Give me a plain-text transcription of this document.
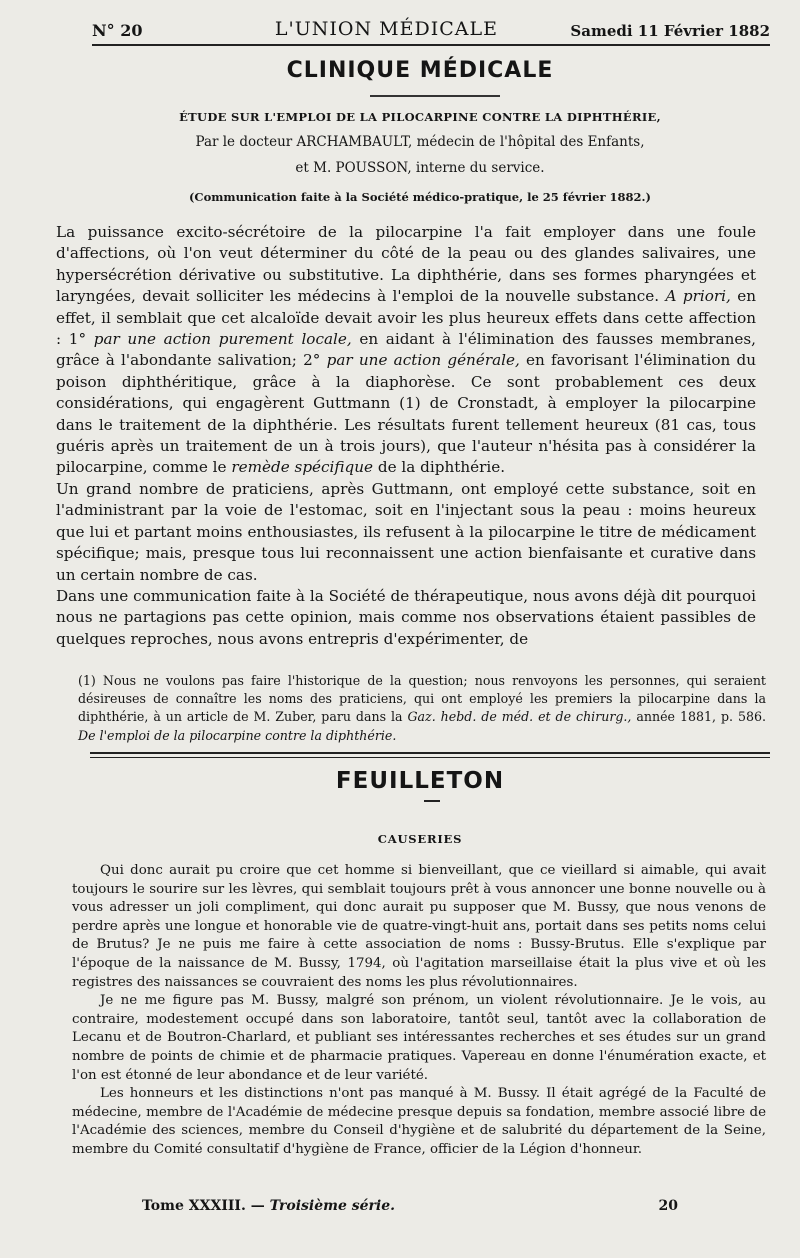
N° 20	L'UNION MÉDICALE	Samedi 11 Février 1882
CLINIQUE MÉDICALE
ÉTUDE SUR L'EMPLOI DE LA PILOCARPINE CONTRE LA DIPHTHÉRIE,
Par le docteur ARCHAMBAULT, médecin de l'hôpital des Enfants,
et M. POUSSON, interne du service.
(Communication faite à la Société médico-pratique, le 25 février 1882.)

La puissance excito-sécrétoire de la pilocarpine l'a fait employer dans une foule d'affections, où l'on veut déterminer du côté de la peau ou des glandes salivaires, une hypersécrétion dérivative ou substitutive. La diphthérie, dans ses formes pharyngées et laryngées, devait solliciter les médecins à l'emploi de la nouvelle substance. A priori, en effet, il semblait que cet alcaloïde devait avoir les plus heureux effets dans cette affection : 1° par une action purement locale, en aidant à l'élimination des fausses membranes, grâce à l'abondante salivation; 2° par une action générale, en favorisant l'élimination du poison diphthéritique, grâce à la diaphorèse. Ce sont probablement ces deux considérations, qui engagèrent Guttmann (1) de Cronstadt, à employer la pilocarpine dans le traitement de la diphthérie. Les résultats furent tellement heureux (81 cas, tous guéris après un traitement de un à trois jours), que l'auteur n'hésita pas à considérer la pilocarpine, comme le remède spécifique de la diphthérie.

Un grand nombre de praticiens, après Guttmann, ont employé cette substance, soit en l'administrant par la voie de l'estomac, soit en l'injectant sous la peau : moins heureux que lui et partant moins enthousiastes, ils refusent à la pilocarpine le titre de médicament spécifique; mais, presque tous lui reconnaissent une action bienfaisante et curative dans un certain nombre de cas.

Dans une communication faite à la Société de thérapeutique, nous avons déjà dit pourquoi nous ne partagions pas cette opinion, mais comme nos observations étaient passibles de quelques reproches, nous avons entrepris d'expérimenter, de

(1) Nous ne voulons pas faire l'historique de la question; nous renvoyons les personnes, qui seraient désireuses de connaître les noms des praticiens, qui ont employé les premiers la pilocarpine dans la diphthérie, à un article de M. Zuber, paru dans la Gaz. hebd. de méd. et de chirurg., année 1881, p. 586. De l'emploi de la pilocarpine contre la diphthérie.
FEUILLETON
CAUSERIES

Qui donc aurait pu croire que cet homme si bienveillant, que ce vieillard si aimable, qui avait toujours le sourire sur les lèvres, qui semblait toujours prêt à vous annoncer une bonne nouvelle ou à vous adresser un joli compliment, qui donc aurait pu supposer que M. Bussy, que nous venons de perdre après une longue et honorable vie de quatre-vingt-huit ans, portait dans ses petits noms celui de Brutus? Je ne puis me faire à cette association de noms : Bussy-Brutus. Elle s'explique par l'époque de la naissance de M. Bussy, 1794, où l'agitation marseillaise était la plus vive et où les registres des naissances se couvraient des noms les plus révolutionnaires.

Je ne me figure pas M. Bussy, malgré son prénom, un violent révolutionnaire. Je le vois, au contraire, modestement occupé dans son laboratoire, tantôt seul, tantôt avec la collaboration de Lecanu et de Boutron-Charlard, et publiant ses intéressantes recherches et ses études sur un grand nombre de points de chimie et de pharmacie pratiques. Vapereau en donne l'énumération exacte, et l'on est étonné de leur abondance et de leur variété.

Les honneurs et les distinctions n'ont pas manqué à M. Bussy. Il était agrégé de la Faculté de médecine, membre de l'Académie de médecine presque depuis sa fondation, membre associé libre de l'Académie des sciences, membre du Conseil d'hygiène et de salubrité du département de la Seine, membre du Comité consultatif d'hygiène de France, officier de la Légion d'honneur.

Tome XXXIII. — Troisième série.	20
